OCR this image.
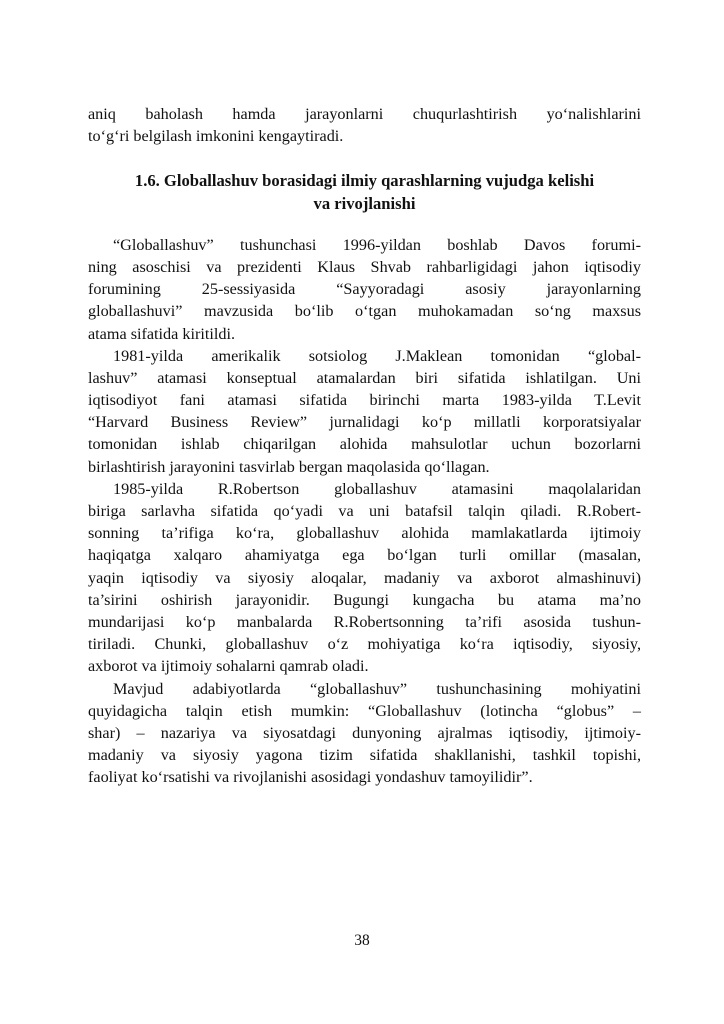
aniq baholash hamda jarayonlarni chuqurlashtirish yo‘nalishlarini
to‘g‘ri belgilash imkonini kengaytiradi.
1.6. Globallashuv borasidagi ilmiy qarashlarning vujudga kelishi
va rivojlanishi
“Globallashuv” tushunchasi 1996-yildan boshlab Davos forumi-
ning asoschisi va prezidenti Klaus Shvab rahbarligidagi jahon iqtisodiy
forumining 25-sessiyasida “Sayyoradagi asosiy jarayonlarning
globallashuvi” mavzusida bo‘lib o‘tgan muhokamadan so‘ng maxsus
atama sifatida kiritildi.
1981-yilda amerikalik sotsiolog J.Maklean tomonidan “global-
lashuv” atamasi konseptual atamalardan biri sifatida ishlatilgan. Uni
iqtisodiyot fani atamasi sifatida birinchi marta 1983-yilda T.Levit
“Harvard Business Review” jurnalidagi ko‘p millatli korporatsiyalar
tomonidan ishlab chiqarilgan alohida mahsulotlar uchun bozorlarni
birlashtirish jarayonini tasvirlab bergan maqolasida qo‘llagan.
1985-yilda R.Robertson globallashuv atamasini maqolalaridan
biriga sarlavha sifatida qo‘yadi va uni batafsil talqin qiladi. R.Robert-
sonning ta’rifiga ko‘ra, globallashuv alohida mamlakatlarda ijtimoiy
haqiqatga xalqaro ahamiyatga ega bo‘lgan turli omillar (masalan,
yaqin iqtisodiy va siyosiy aloqalar, madaniy va axborot almashinuvi)
ta’sirini oshirish jarayonidir. Bugungi kungacha bu atama ma’no
mundarijasi ko‘p manbalarda R.Robertsonning ta’rifi asosida tushun-
tiriladi. Chunki, globallashuv o‘z mohiyatiga ko‘ra iqtisodiy, siyosiy,
axborot va ijtimoiy sohalarni qamrab oladi.
Mavjud adabiyotlarda “globallashuv” tushunchasining mohiyatini
quyidagicha talqin etish mumkin: “Globallashuv (lotincha “globus” –
shar) – nazariya va siyosatdagi dunyoning ajralmas iqtisodiy, ijtimoiy-
madaniy va siyosiy yagona tizim sifatida shakllanishi, tashkil topishi,
faoliyat ko‘rsatishi va rivojlanishi asosidagi yondashuv tamoyilidir”.
38
